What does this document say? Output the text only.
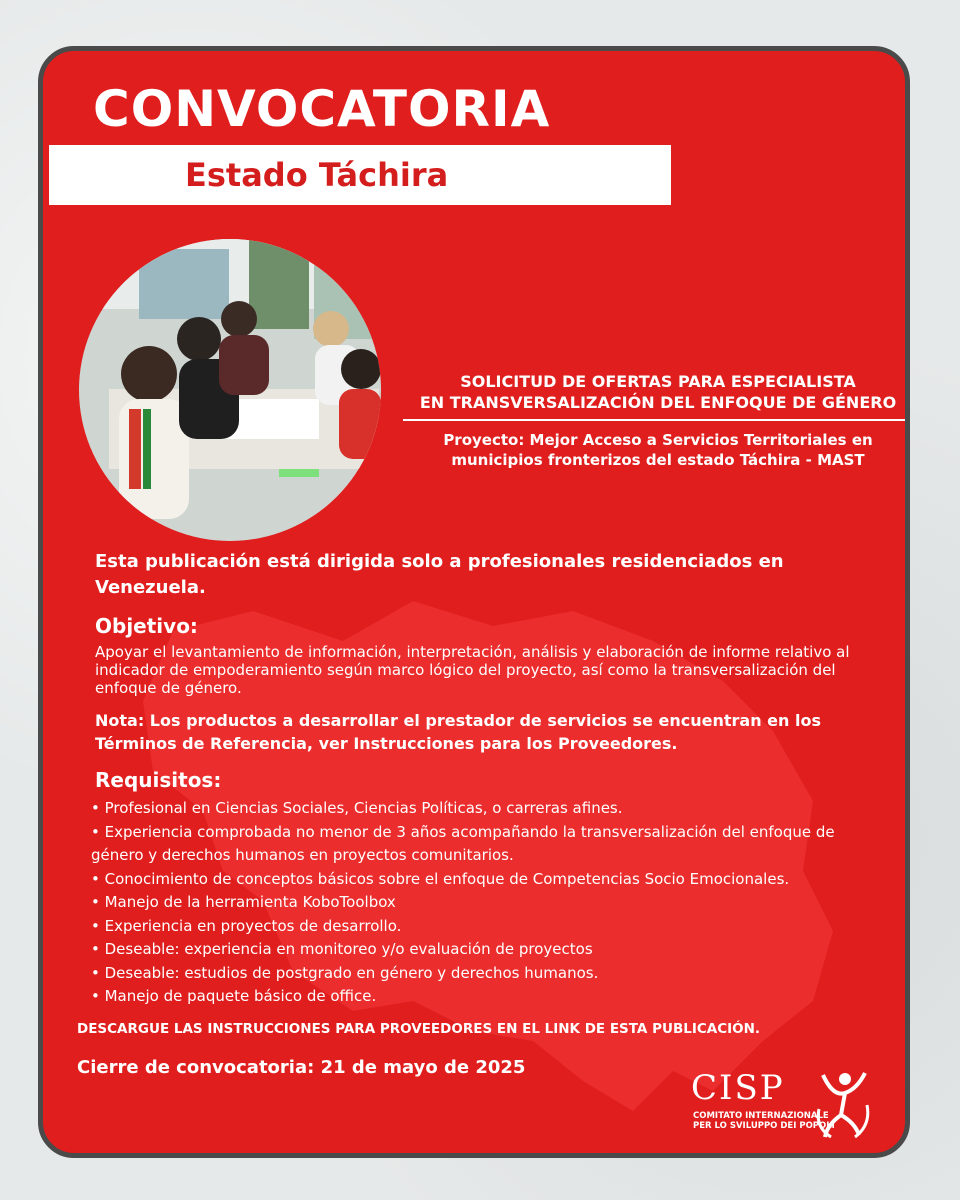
CONVOCATORIA
Estado Táchira
SOLICITUD DE OFERTAS PARA ESPECIALISTA
EN TRANSVERSALIZACIÓN DEL ENFOQUE DE GÉNERO

Proyecto: Mejor Acceso a Servicios Territoriales en

municipios fronterizos del estado Táchira - MAST

Esta publicación está dirigida solo a profesionales residenciados en Venezuela.

Objetivo:

Apoyar el levantamiento de información, interpretación, análisis y elaboración de informe relativo al indicador de empoderamiento según marco lógico del proyecto, así como la transversalización del enfoque de género.

Nota: Los productos a desarrollar el prestador de servicios se encuentran en los Términos de Referencia, ver Instrucciones para los Proveedores.

Requisitos:
• Profesional en Ciencias Sociales, Ciencias Políticas, o carreras afines.
• Experiencia comprobada no menor de 3 años acompañando la transversalización del enfoque de género y derechos humanos en proyectos comunitarios.
• Conocimiento de conceptos básicos sobre el enfoque de Competencias Socio Emocionales.
• Manejo de la herramienta KoboToolbox
• Experiencia en proyectos de desarrollo.
• Deseable: experiencia en monitoreo y/o evaluación de proyectos
• Deseable: estudios de postgrado en género y derechos humanos.
• Manejo de paquete básico de office.

DESCARGUE LAS INSTRUCCIONES PARA PROVEEDORES EN EL LINK DE ESTA PUBLICACIÓN.

Cierre de convocatoria: 21 de mayo de 2025

CISP
COMITATO INTERNAZIONALE
PER LO SVILUPPO DEI POPOLI
